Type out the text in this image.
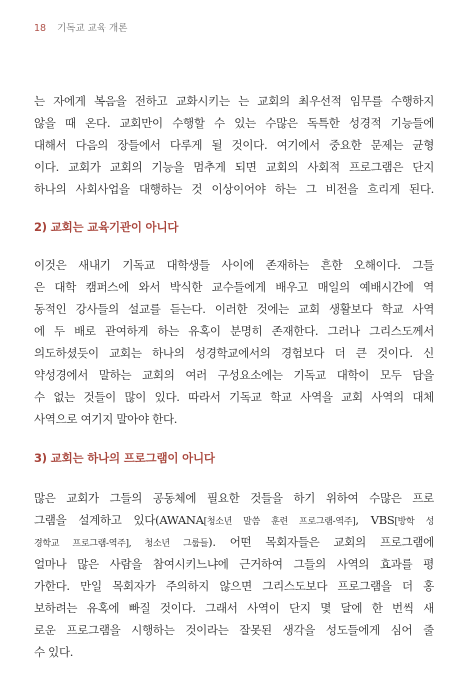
18 기독교 교육 개론

는 자에게 복음을 전하고 교화시키는 는 교회의 최우선적 임무를 수행하지
않을 때 온다. 교회만이 수행할 수 있는 수많은 독특한 성경적 기능들에
대해서 다음의 장들에서 다루게 될 것이다. 여기에서 중요한 문제는 균형
이다. 교회가 교회의 기능을 멈추게 되면 교회의 사회적 프로그램은 단지
하나의 사회사업을 대행하는 것 이상이어야 하는 그 비전을 흐리게 된다.

2) 교회는 교육기관이 아니다

이것은 새내기 기독교 대학생들 사이에 존재하는 흔한 오해이다. 그들
은 대학 캠퍼스에 와서 박식한 교수들에게 배우고 매일의 예배시간에 역
동적인 강사들의 설교를 듣는다. 이러한 것에는 교회 생활보다 학교 사역
에 두 배로 관여하게 하는 유혹이 분명히 존재한다. 그러나 그리스도께서
의도하셨듯이 교회는 하나의 성경학교에서의 경험보다 더 큰 것이다. 신
약성경에서 말하는 교회의 여러 구성요소에는 기독교 대학이 모두 담을
수 없는 것들이 많이 있다. 따라서 기독교 학교 사역을 교회 사역의 대체
사역으로 여기지 말아야 한다.

3) 교회는 하나의 프로그램이 아니다

많은 교회가 그들의 공동체에 필요한 것들을 하기 위하여 수많은 프로
그램을 설계하고 있다(AWANA[청소년 말씀 훈련 프로그램-역주], VBS[방학 성
경학교 프로그램-역주], 청소년 그룹들). 어떤 목회자들은 교회의 프로그램에
얼마나 많은 사람을 참여시키느냐에 근거하여 그들의 사역의 효과를 평
가한다. 만일 목회자가 주의하지 않으면 그리스도보다 프로그램을 더 홍
보하려는 유혹에 빠질 것이다. 그래서 사역이 단지 몇 달에 한 번씩 새
로운 프로그램을 시행하는 것이라는 잘못된 생각을 성도들에게 심어 줄
수 있다.
